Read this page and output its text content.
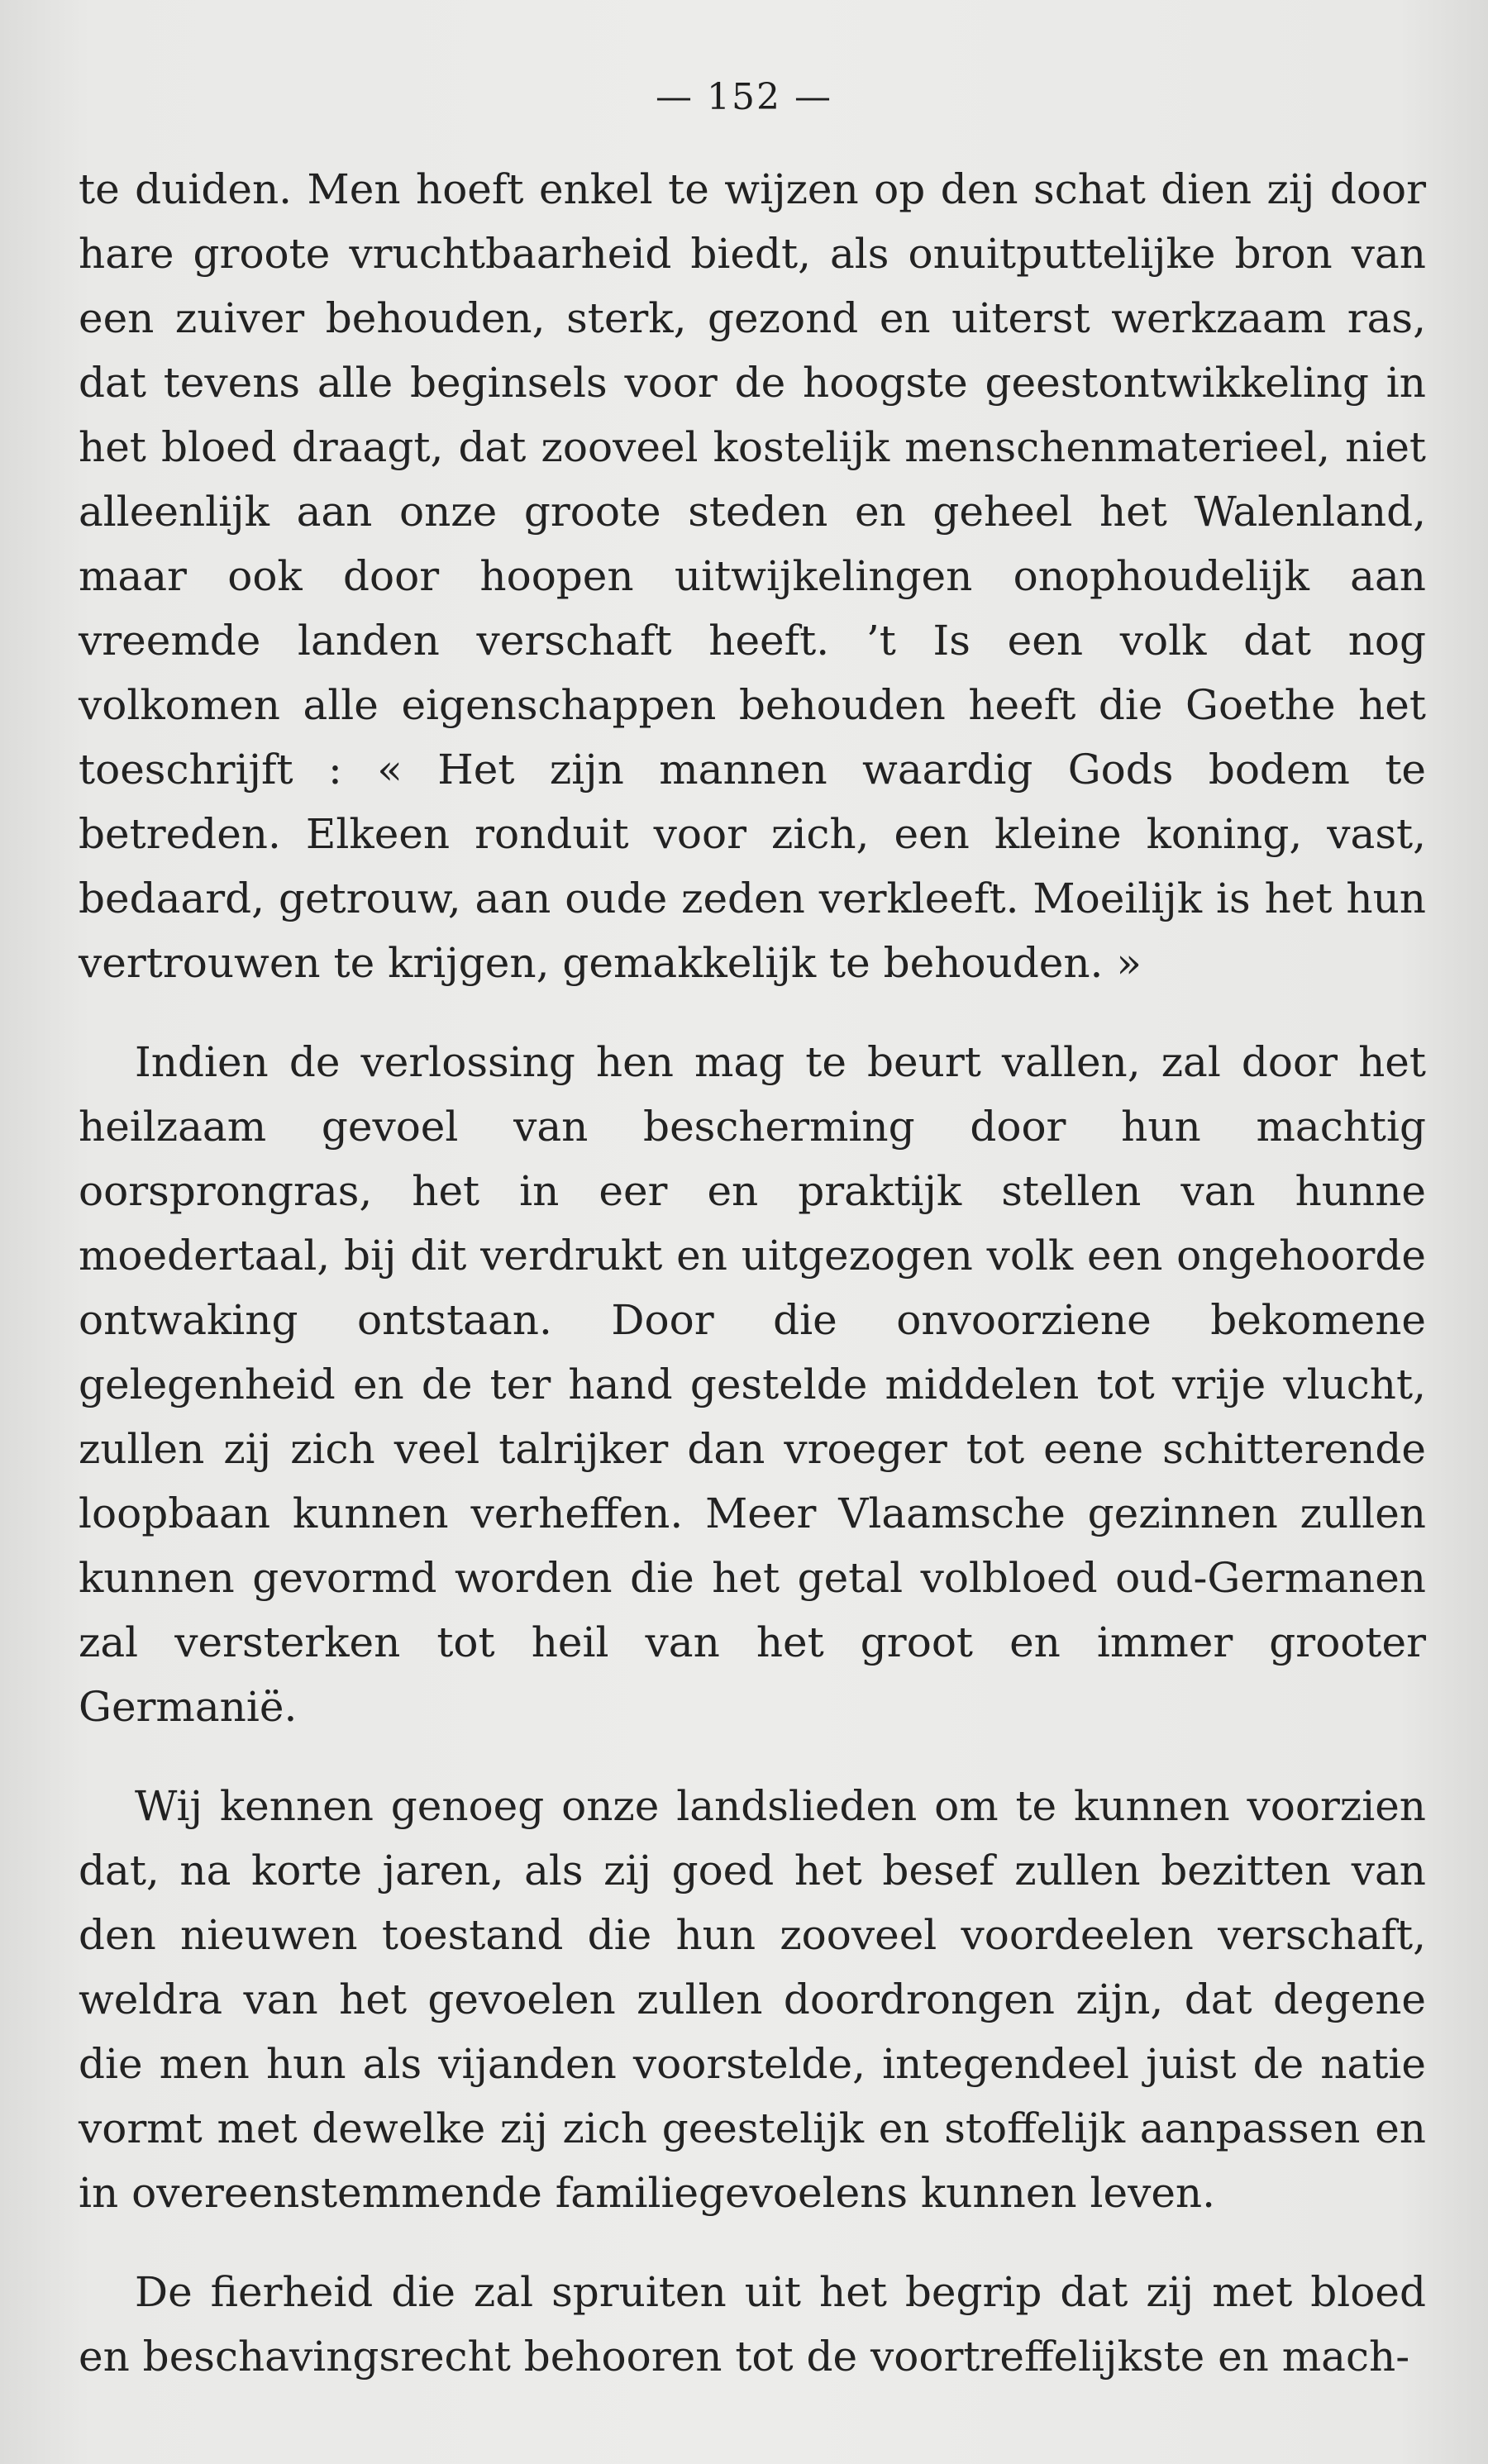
— 152 —

te duiden. Men hoeft enkel te wijzen op den schat dien zij door hare groote vruchtbaarheid biedt, als onuitputtelijke bron van een zuiver behouden, sterk, gezond en uiterst werkzaam ras, dat tevens alle beginsels voor de hoogste geestontwikkeling in het bloed draagt, dat zooveel kostelijk menschenmaterieel, niet alleenlijk aan onze groote steden en geheel het Walenland, maar ook door hoopen uitwijkelingen onophoudelijk aan vreemde landen verschaft heeft. ’t Is een volk dat nog volkomen alle eigenschappen behouden heeft die Goethe het toeschrijft : « Het zijn mannen waardig Gods bodem te betreden. Elkeen ronduit voor zich, een kleine koning, vast, bedaard, getrouw, aan oude zeden verkleeft. Moeilijk is het hun vertrouwen te krijgen, gemakkelijk te behouden. »

Indien de verlossing hen mag te beurt vallen, zal door het heilzaam gevoel van bescherming door hun machtig oorsprongras, het in eer en praktijk stellen van hunne moedertaal, bij dit verdrukt en uitgezogen volk een ongehoorde ontwaking ontstaan. Door die onvoorziene bekomene gelegenheid en de ter hand gestelde middelen tot vrije vlucht, zullen zij zich veel talrijker dan vroeger tot eene schitterende loopbaan kunnen verheffen. Meer Vlaamsche gezinnen zullen kunnen gevormd worden die het getal volbloed oud-Germanen zal versterken tot heil van het groot en immer grooter Germanië.

Wij kennen genoeg onze landslieden om te kunnen voorzien dat, na korte jaren, als zij goed het besef zullen bezitten van den nieuwen toestand die hun zooveel voordeelen verschaft, weldra van het gevoelen zullen doordrongen zijn, dat degene die men hun als vijanden voorstelde, integendeel juist de natie vormt met dewelke zij zich geestelijk en stoffelijk aanpassen en in overeenstemmende familiegevoelens kunnen leven.

De fierheid die zal spruiten uit het begrip dat zij met bloed en beschavingsrecht behooren tot de voortreffelijkste en mach-
